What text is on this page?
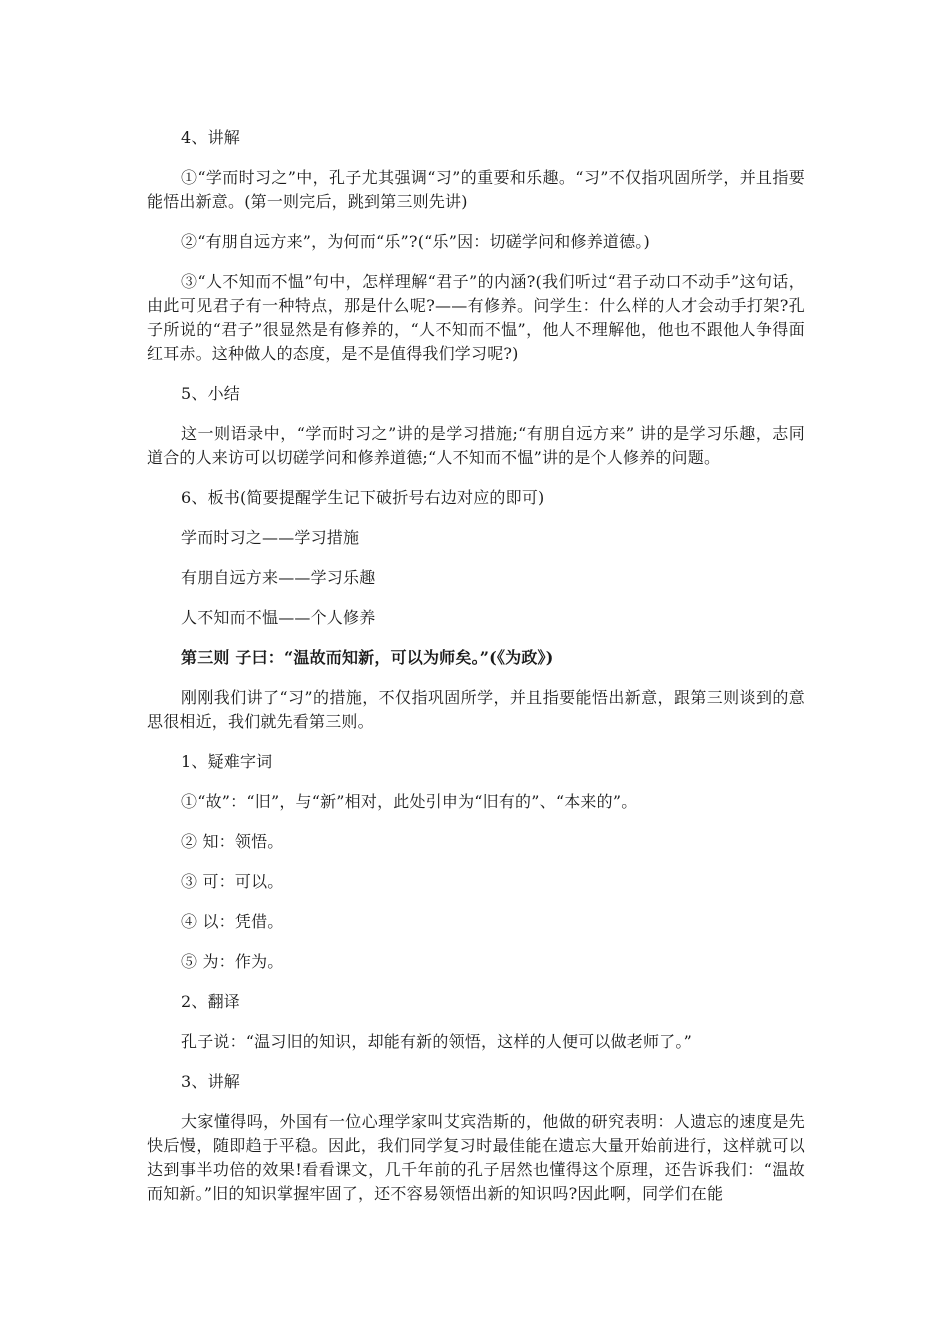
4、讲解

①“学而时习之”中，孔子尤其强调“习”的重要和乐趣。“习”不仅指巩固所学，并且指要能悟出新意。(第一则完后，跳到第三则先讲)

②“有朋自远方来”，为何而“乐”?(“乐”因：切磋学问和修养道德。)

③“人不知而不愠”句中，怎样理解“君子”的内涵?(我们听过“君子动口不动手”这句话，由此可见君子有一种特点，那是什么呢?——有修养。问学生：什么样的人才会动手打架?孔子所说的“君子”很显然是有修养的，“人不知而不愠”，他人不理解他，他也不跟他人争得面红耳赤。这种做人的态度，是不是值得我们学习呢?)

5、小结

这一则语录中，“学而时习之”讲的是学习措施;“有朋自远方来” 讲的是学习乐趣，志同道合的人来访可以切磋学问和修养道德;“人不知而不愠”讲的是个人修养的问题。

6、板书(简要提醒学生记下破折号右边对应的即可)

学而时习之——学习措施

有朋自远方来——学习乐趣

人不知而不愠——个人修养

第三则 子曰：“温故而知新，可以为师矣。”(《为政》)

刚刚我们讲了“习”的措施，不仅指巩固所学，并且指要能悟出新意，跟第三则谈到的意思很相近，我们就先看第三则。

1、疑难字词

①“故”：“旧”，与“新”相对，此处引申为“旧有的”、“本来的”。

② 知：领悟。

③ 可：可以。

④ 以：凭借。

⑤ 为：作为。

2、翻译

孔子说：“温习旧的知识，却能有新的领悟，这样的人便可以做老师了。”

3、讲解

大家懂得吗，外国有一位心理学家叫艾宾浩斯的，他做的研究表明：人遗忘的速度是先快后慢，随即趋于平稳。因此，我们同学复习时最佳能在遗忘大量开始前进行，这样就可以达到事半功倍的效果!看看课文，几千年前的孔子居然也懂得这个原理，还告诉我们：“温故而知新。”旧的知识掌握牢固了，还不容易领悟出新的知识吗?因此啊，同学们在能
